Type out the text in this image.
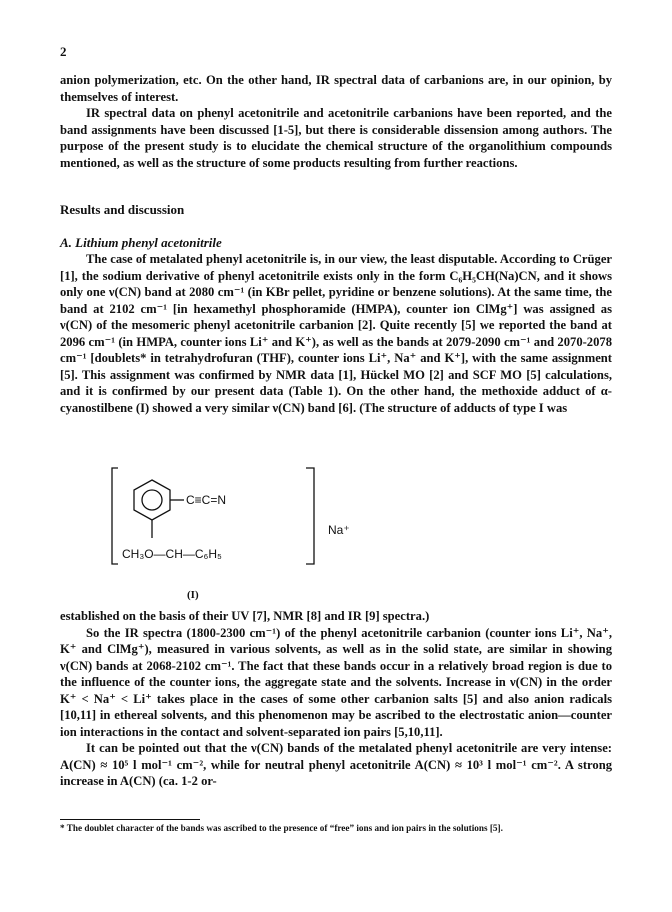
2

anion polymerization, etc. On the other hand, IR spectral data of carbanions are, in our opinion, by themselves of interest.

IR spectral data on phenyl acetonitrile and acetonitrile carbanions have been reported, and the band assignments have been discussed [1-5], but there is considerable dissension among authors. The purpose of the present study is to elucidate the chemical structure of the organolithium compounds mentioned, as well as the structure of some products resulting from further reactions.

Results and discussion
A. Lithium phenyl acetonitrile

The case of metalated phenyl acetonitrile is, in our view, the least disputable. According to Crüger [1], the sodium derivative of phenyl acetonitrile exists only in the form C₆H₅CH(Na)CN, and it shows only one ν(CN) band at 2080 cm⁻¹ (in KBr pellet, pyridine or benzene solutions). At the same time, the band at 2102 cm⁻¹ [in hexamethyl phosphoramide (HMPA), counter ion ClMg⁺] was assigned as ν(CN) of the mesomeric phenyl acetonitrile carbanion [2]. Quite recently [5] we reported the band at 2096 cm⁻¹ (in HMPA, counter ions Li⁺ and K⁺), as well as the bands at 2079-2090 cm⁻¹ and 2070-2078 cm⁻¹ [doublets* in tetrahydrofuran (THF), counter ions Li⁺, Na⁺ and K⁺], with the same assignment [5]. This assignment was confirmed by NMR data [1], Hückel MO [2] and SCF MO [5] calculations, and it is confirmed by our present data (Table 1). On the other hand, the methoxide adduct of α-cyanostilbene (I) showed a very similar ν(CN) band [6]. (The structure of adducts of type I was

C≡C=N
CH₃O—CH—C₆H₅
Na⁺
(I)

established on the basis of their UV [7], NMR [8] and IR [9] spectra.)

So the IR spectra (1800-2300 cm⁻¹) of the phenyl acetonitrile carbanion (counter ions Li⁺, Na⁺, K⁺ and ClMg⁺), measured in various solvents, as well as in the solid state, are similar in showing ν(CN) bands at 2068-2102 cm⁻¹. The fact that these bands occur in a relatively broad region is due to the influence of the counter ions, the aggregate state and the solvents. Increase in ν(CN) in the order K⁺ < Na⁺ < Li⁺ takes place in the cases of some other carbanion salts [5] and also anion radicals [10,11] in ethereal solvents, and this phenomenon may be ascribed to the electrostatic anion—counter ion interactions in the contact and solvent-separated ion pairs [5,10,11].

It can be pointed out that the ν(CN) bands of the metalated phenyl acetonitrile are very intense: A(CN) ≈ 10⁵ l mol⁻¹ cm⁻², while for neutral phenyl acetonitrile A(CN) ≈ 10³ l mol⁻¹ cm⁻². A strong increase in A(CN) (ca. 1-2 or-

* The doublet character of the bands was ascribed to the presence of “free” ions and ion pairs in the solutions [5].
